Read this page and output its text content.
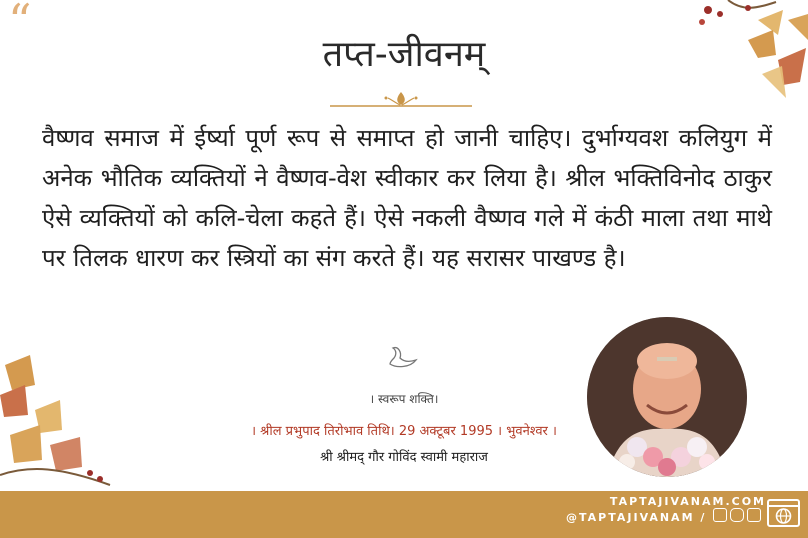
“
तप्त-जीवनम्
वैष्णव समाज में ईर्ष्या पूर्ण रूप से समाप्त हो जानी चाहिए। दुर्भाग्यवश कलियुग में अनेक भौतिक व्यक्तियों ने वैष्णव-वेश स्वीकार कर लिया है। श्रील भक्तिविनोद ठाकुर ऐसे व्यक्तियों को कलि-चेला कहते हैं। ऐसे नकली वैष्णव गले में कंठी माला तथा माथे पर तिलक धारण कर स्त्रियों का संग करते हैं। यह सरासर पाखण्ड है।
। स्वरूप शक्ति।
। श्रील प्रभुपाद तिरोभाव तिथि। 29 अक्टूबर 1995 । भुवनेश्वर ।
श्री श्रीमद् गौर गोविंद स्वामी महाराज
TAPTAJIVANAM.COM
@TAPTAJIVANAM /
